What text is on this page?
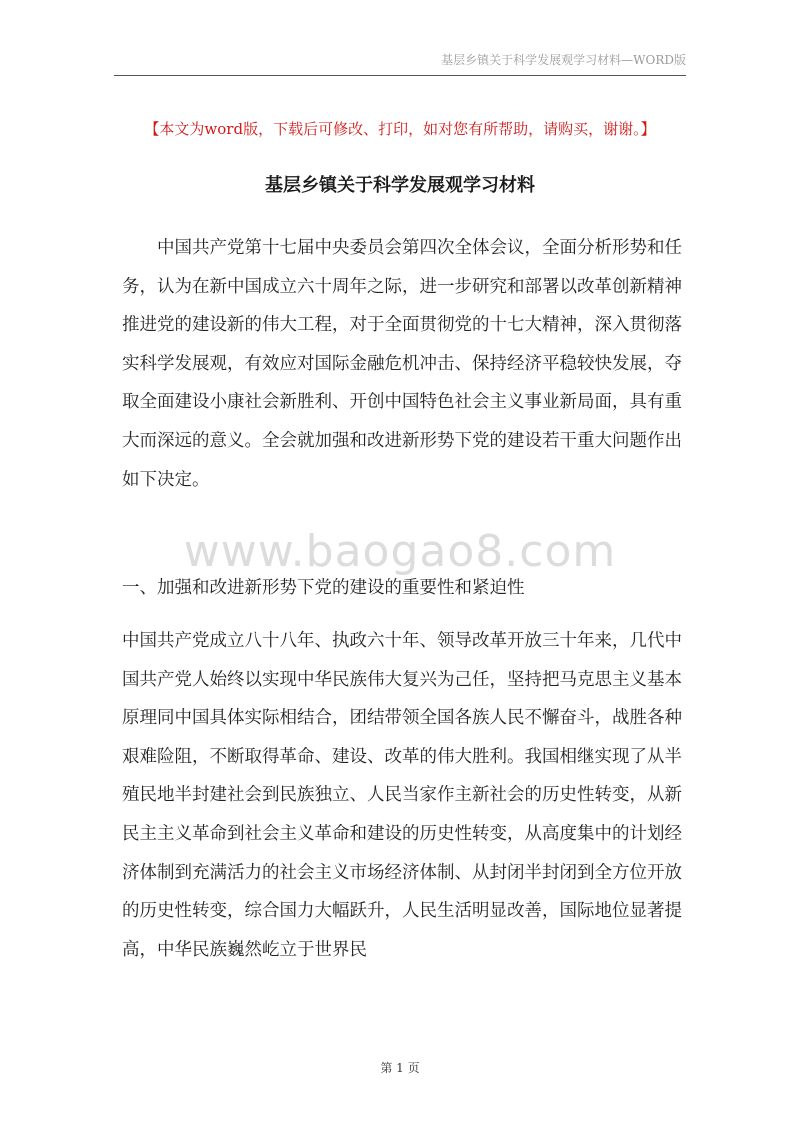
基层乡镇关于科学发展观学习材料—WORD版
【本文为word版，下载后可修改、打印，如对您有所帮助，请购买，谢谢。】
基层乡镇关于科学发展观学习材料

中国共产党第十七届中央委员会第四次全体会议，全面分析形势和任务，认为在新中国成立六十周年之际，进一步研究和部署以改革创新精神推进党的建设新的伟大工程，对于全面贯彻党的十七大精神，深入贯彻落实科学发展观，有效应对国际金融危机冲击、保持经济平稳较快发展，夺取全面建设小康社会新胜利、开创中国特色社会主义事业新局面，具有重大而深远的意义。全会就加强和改进新形势下党的建设若干重大问题作出如下决定。

www.baogao8.com
一、加强和改进新形势下党的建设的重要性和紧迫性

中国共产党成立八十八年、执政六十年、领导改革开放三十年来，几代中国共产党人始终以实现中华民族伟大复兴为己任，坚持把马克思主义基本原理同中国具体实际相结合，团结带领全国各族人民不懈奋斗，战胜各种艰难险阻，不断取得革命、建设、改革的伟大胜利。我国相继实现了从半殖民地半封建社会到民族独立、人民当家作主新社会的历史性转变，从新民主主义革命到社会主义革命和建设的历史性转变，从高度集中的计划经济体制到充满活力的社会主义市场经济体制、从封闭半封闭到全方位开放的历史性转变，综合国力大幅跃升，人民生活明显改善，国际地位显著提高，中华民族巍然屹立于世界民

第 1 页
